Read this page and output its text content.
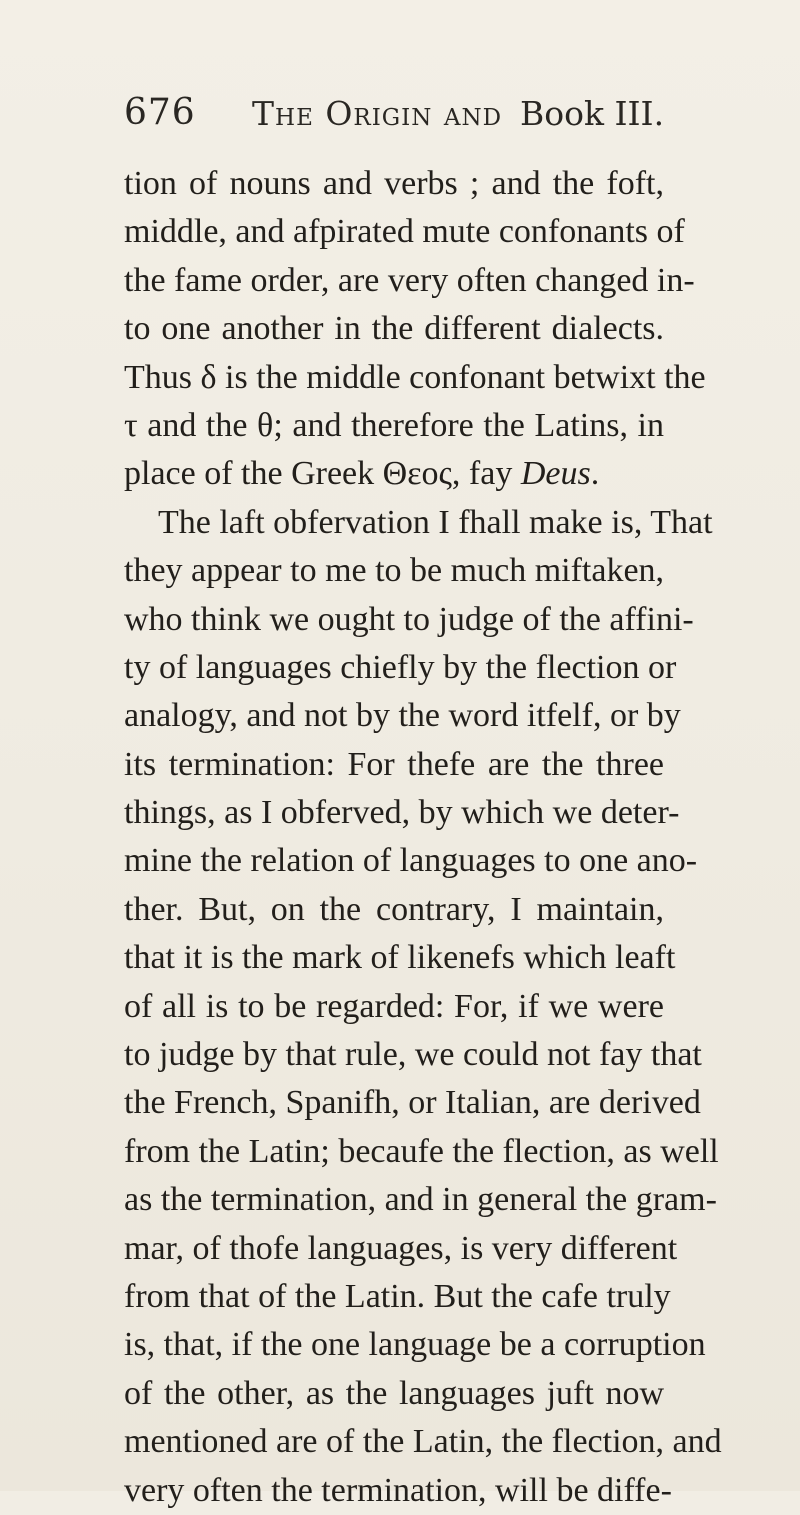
676 The Origin and Book III.
tion of nouns and verbs ; and the foft,
middle, and afpirated mute confonants of
the fame order, are very often changed in-
to one another in the different dialects.
Thus δ is the middle confonant betwixt the
τ and the θ; and therefore the Latins, in
place of the Greek Θεος, fay Deus.
The laft obfervation I fhall make is, That
they appear to me to be much miftaken,
who think we ought to judge of the affini-
ty of languages chiefly by the flection or
analogy, and not by the word itfelf, or by
its termination: For thefe are the three
things, as I obferved, by which we deter-
mine the relation of languages to one ano-
ther. But, on the contrary, I maintain,
that it is the mark of likenefs which leaft
of all is to be regarded: For, if we were
to judge by that rule, we could not fay that
the French, Spanifh, or Italian, are derived
from the Latin; becaufe the flection, as well
as the termination, and in general the gram-
mar, of thofe languages, is very different
from that of the Latin. But the cafe truly
is, that, if the one language be a corruption
of the other, as the languages juft now
mentioned are of the Latin, the flection, and
very often the termination, will be diffe-
